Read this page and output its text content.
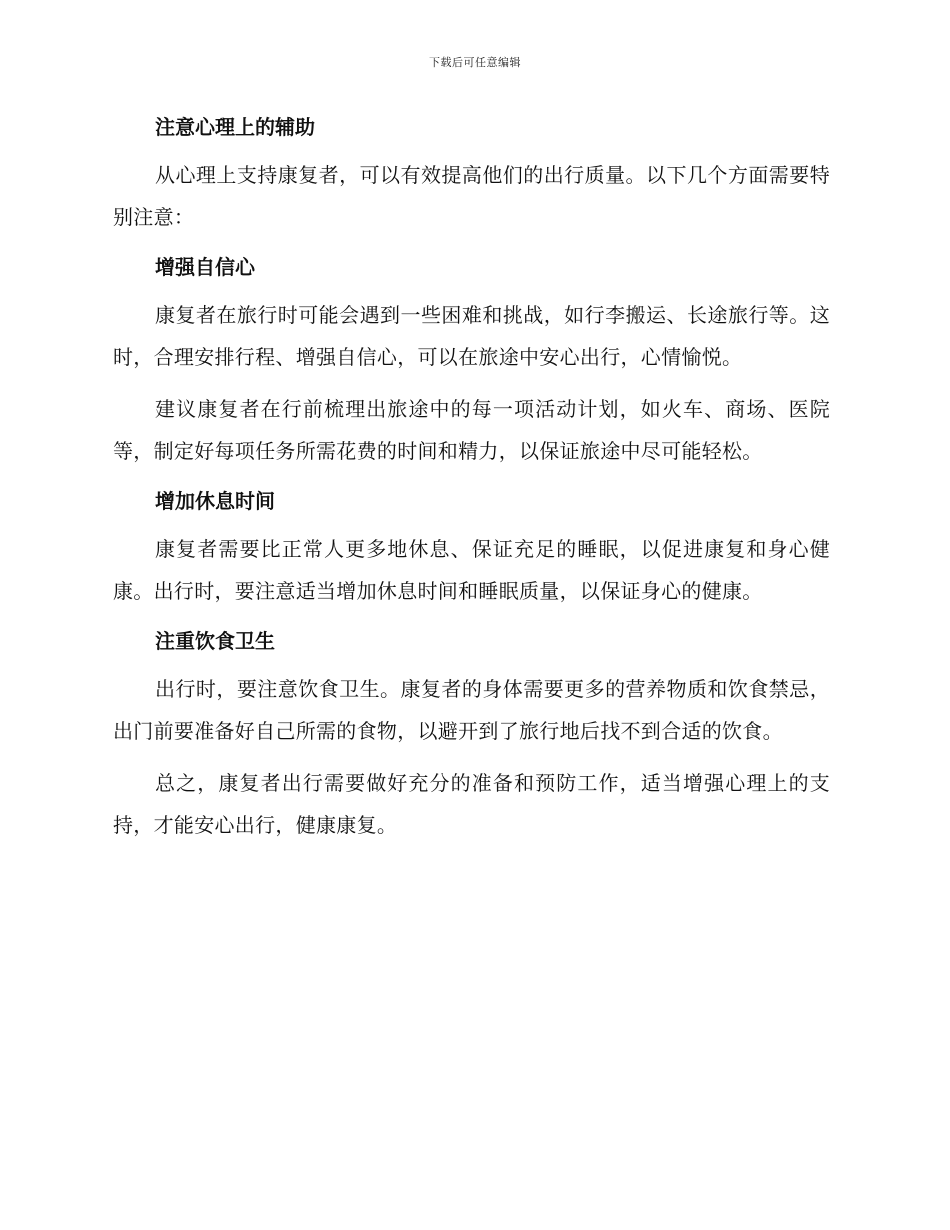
下载后可任意编辑
注意心理上的辅助

从心理上支持康复者，可以有效提高他们的出行质量。以下几个方面需要特别注意：

增强自信心

康复者在旅行时可能会遇到一些困难和挑战，如行李搬运、长途旅行等。这时，合理安排行程、增强自信心，可以在旅途中安心出行，心情愉悦。

建议康复者在行前梳理出旅途中的每一项活动计划，如火车、商场、医院等，制定好每项任务所需花费的时间和精力，以保证旅途中尽可能轻松。

增加休息时间

康复者需要比正常人更多地休息、保证充足的睡眠，以促进康复和身心健康。出行时，要注意适当增加休息时间和睡眠质量，以保证身心的健康。

注重饮食卫生

出行时，要注意饮食卫生。康复者的身体需要更多的营养物质和饮食禁忌，出门前要准备好自己所需的食物，以避开到了旅行地后找不到合适的饮食。

总之，康复者出行需要做好充分的准备和预防工作，适当增强心理上的支持，才能安心出行，健康康复。
